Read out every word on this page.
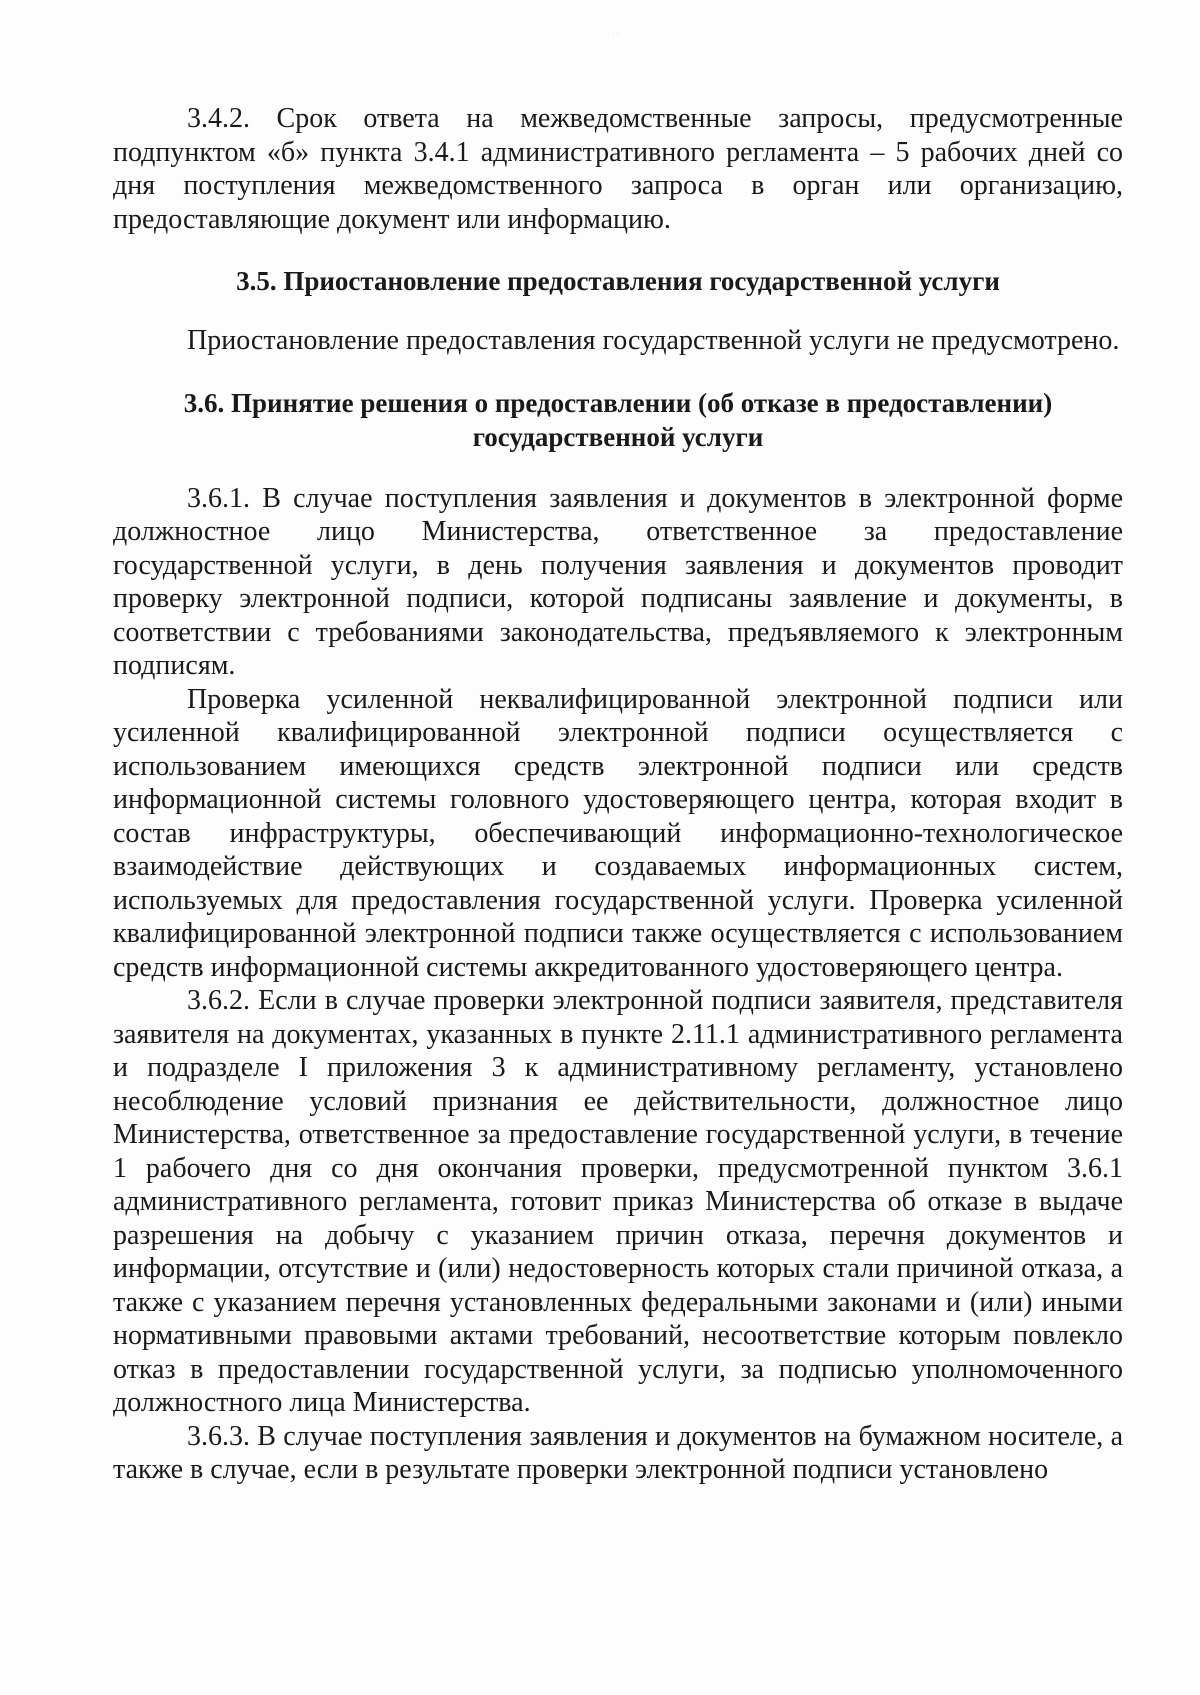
· ·

3.4.2. Срок ответа на межведомственные запросы, предусмотренные подпунктом «б» пункта 3.4.1 административного регламента – 5 рабочих дней со дня поступления межведомственного запроса в орган или организацию, предоставляющие документ или информацию.

3.5. Приостановление предоставления государственной услуги

Приостановление предоставления государственной услуги не предусмотрено.

3.6. Принятие решения о предоставлении (об отказе в предоставлении) государственной услуги

3.6.1. В случае поступления заявления и документов в электронной форме должностное лицо Министерства, ответственное за предоставление государственной услуги, в день получения заявления и документов проводит проверку электронной подписи, которой подписаны заявление и документы, в соответствии с требованиями законодательства, предъявляемого к электронным подписям.

Проверка усиленной неквалифицированной электронной подписи или усиленной квалифицированной электронной подписи осуществляется с использованием имеющихся средств электронной подписи или средств информационной системы головного удостоверяющего центра, которая входит в состав инфраструктуры, обеспечивающий информационно-технологическое взаимодействие действующих и создаваемых информационных систем, используемых для предоставления государственной услуги. Проверка усиленной квалифицированной электронной подписи также осуществляется с использованием средств информационной системы аккредитованного удостоверяющего центра.

3.6.2. Если в случае проверки электронной подписи заявителя, представителя заявителя на документах, указанных в пункте 2.11.1 административного регламента и подразделе I приложения 3 к административному регламенту, установлено несоблюдение условий признания ее действительности, должностное лицо Министерства, ответственное за предоставление государственной услуги, в течение 1 рабочего дня со дня окончания проверки, предусмотренной пунктом 3.6.1 административного регламента, готовит приказ Министерства об отказе в выдаче разрешения на добычу с указанием причин отказа, перечня документов и информации, отсутствие и (или) недостоверность которых стали причиной отказа, а также с указанием перечня установленных федеральными законами и (или) иными нормативными правовыми актами требований, несоответствие которым повлекло отказ в предоставлении государственной услуги, за подписью уполномоченного должностного лица Министерства.

3.6.3. В случае поступления заявления и документов на бумажном носителе, а также в случае, если в результате проверки электронной подписи установлено
